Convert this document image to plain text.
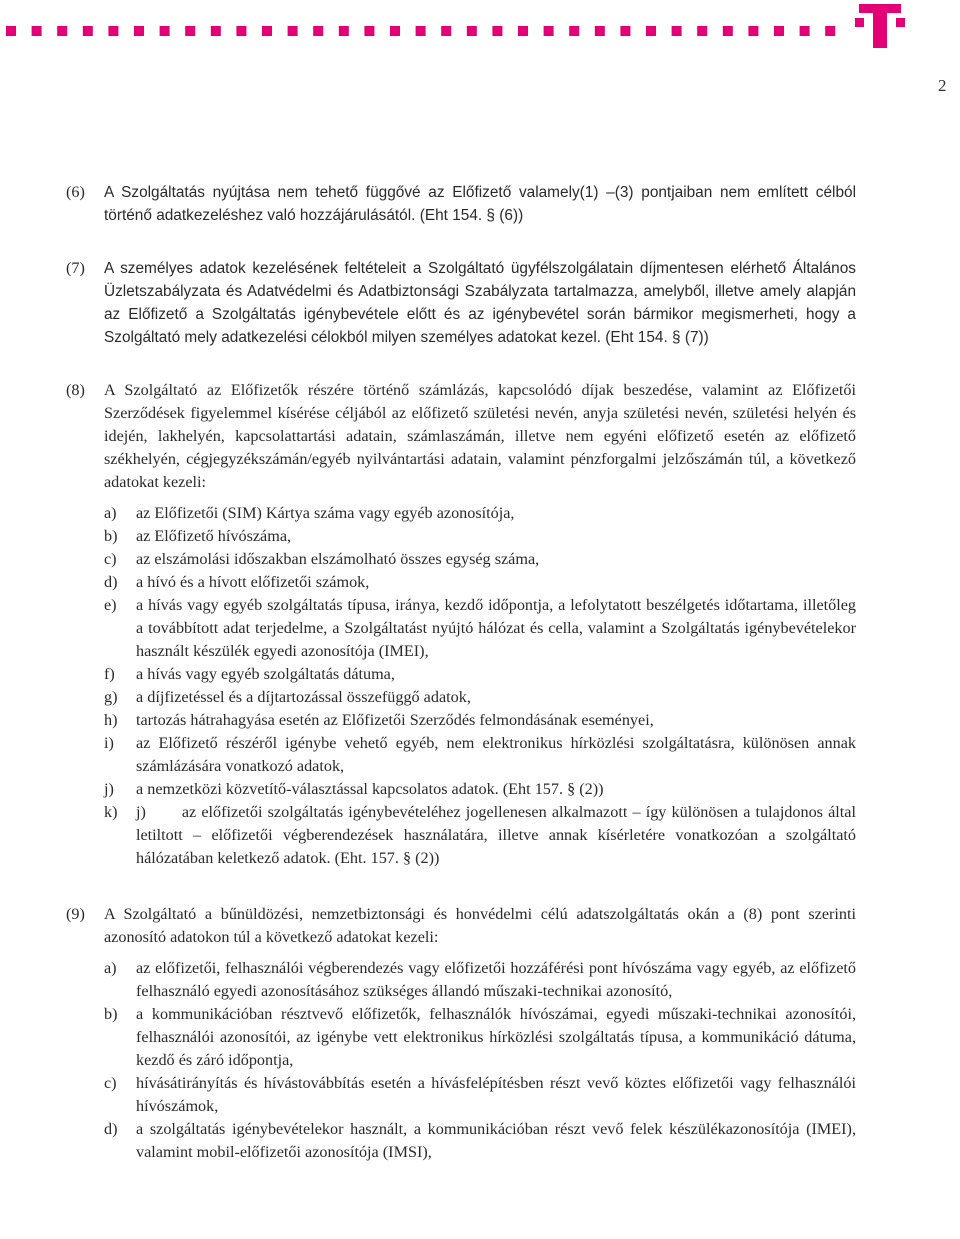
2
(6)	A Szolgáltatás nyújtása nem tehető függővé az Előfizető valamely(1) –(3) pontjaiban nem említett célból történő adatkezeléshez való hozzájárulásától. (Eht 154. § (6))
(7)	A személyes adatok kezelésének feltételeit a Szolgáltató ügyfélszolgálatain díjmentesen elérhető Általános Üzletszabályzata és Adatvédelmi és Adatbiztonsági Szabályzata tartalmazza, amelyből, illetve amely alapján az Előfizető a Szolgáltatás igénybevétele előtt és az igénybevétel során bármikor megismerheti, hogy a Szolgáltató mely adatkezelési célokból milyen személyes adatokat kezel. (Eht 154. § (7))
(8)	A Szolgáltató az Előfizetők részére történő számlázás, kapcsolódó díjak beszedése, valamint az Előfizetői Szerződések figyelemmel kísérése céljából az előfizető születési nevén, anyja születési nevén, születési helyén és idején, lakhelyén, kapcsolattartási adatain, számlaszámán, illetve nem egyéni előfizető esetén az előfizető székhelyén, cégjegyzékszámán/egyéb nyilvántartási adatain, valamint pénzforgalmi jelzőszámán túl, a következő adatokat kezeli:
a)	az Előfizetői (SIM) Kártya száma vagy egyéb azonosítója,
b)	az Előfizető hívószáma,
c)	az elszámolási időszakban elszámolható összes egység száma,
d)	a hívó és a hívott előfizetői számok,
e)	a hívás vagy egyéb szolgáltatás típusa, iránya, kezdő időpontja, a lefolytatott beszélgetés időtartama, illetőleg a továbbított adat terjedelme, a Szolgáltatást nyújtó hálózat és cella, valamint a Szolgáltatás igénybevételekor használt készülék egyedi azonosítója (IMEI),
f)	a hívás vagy egyéb szolgáltatás dátuma,
g)	a díjfizetéssel és a díjtartozással összefüggő adatok,
h)	tartozás hátrahagyása esetén az Előfizetői Szerződés felmondásának eseményei,
i)	az Előfizető részéről igénybe vehető egyéb, nem elektronikus hírközlési szolgáltatásra, különösen annak számlázására vonatkozó adatok,
j)	a nemzetközi közvetítő-választással kapcsolatos adatok. (Eht 157. § (2))
k)	j)       az előfizetői szolgáltatás igénybevételéhez jogellenesen alkalmazott – így különösen a tulajdonos által letiltott – előfizetői végberendezések használatára, illetve annak kísérletére vonatkozóan a szolgáltató hálózatában keletkező adatok. (Eht. 157. § (2))
(9)	A Szolgáltató a bűnüldözési, nemzetbiztonsági és honvédelmi célú adatszolgáltatás okán a (8) pont szerinti azonosító adatokon túl a következő adatokat kezeli:
a)	az előfizetői, felhasználói végberendezés vagy előfizetői hozzáférési pont hívószáma vagy egyéb, az előfizető felhasználó egyedi azonosításához szükséges állandó műszaki-technikai azonosító,
b)	a kommunikációban résztvevő előfizetők, felhasználók hívószámai, egyedi műszaki-technikai azonosítói, felhasználói azonosítói, az igénybe vett elektronikus hírközlési szolgáltatás típusa, a kommunikáció dátuma, kezdő és záró időpontja,
c)	hívásátirányítás és hívástovábbítás esetén a hívásfelépítésben részt vevő köztes előfizetői vagy felhasználói hívószámok,
d)	a szolgáltatás igénybevételekor használt, a kommunikációban részt vevő felek készülékazonosítója (IMEI), valamint mobil-előfizetői azonosítója (IMSI),
